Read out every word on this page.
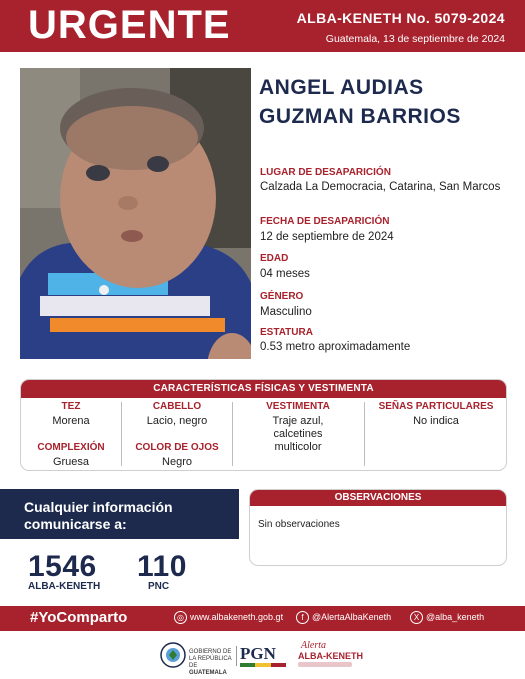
URGENTE	ALBA-KENETH No. 5079-2024
Guatemala, 13 de septiembre de 2024
ANGEL AUDIAS
GUZMAN BARRIOS
LUGAR DE DESAPARICIÓN
Calzada La Democracia, Catarina, San Marcos
FECHA DE DESAPARICIÓN
12 de septiembre de 2024
EDAD
04 meses
GÉNERO
Masculino
ESTATURA
0.53 metro aproximadamente
CARACTERÍSTICAS FÍSICAS Y VESTIMENTA
TEZ
Morena
COMPLEXIÓN
Gruesa
CABELLO
Lacio, negro
COLOR DE OJOS
Negro
VESTIMENTA
Traje azul,
calcetines
multicolor
SEÑAS PARTICULARES
No indica
Cualquier información
comunicarse a:
1546
ALBA-KENETH
110
PNC
OBSERVACIONES
Sin observaciones
#YoComparto	◎ www.albakeneth.gob.gt	f @AlertaAlbaKeneth	X @alba_keneth
GOBIERNO DE LA REPÚBLICA DE
GUATEMALA
PGN	Alerta
ALBA-KENETH
